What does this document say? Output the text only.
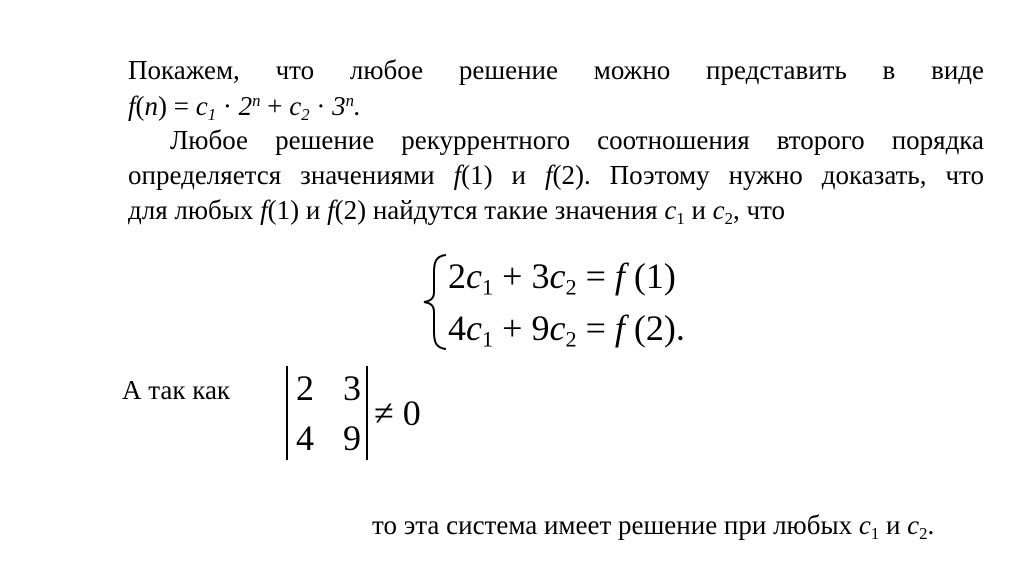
Покажем, что любое решение можно представить в виде
$f(n) = c_1 \cdot 2^n + c_2 \cdot 3^n$.
Любое решение рекуррентного соотношения второго порядка
определяется значениями f(1) и f(2). Поэтому нужно доказать, что
для любых f(1) и f(2) найдутся такие значения $c_1$ и $c_2$, что
$2c_1 + 3c_2 = f$ (1)
$4c_1 + 9c_2 = f$ (2).
А так как 2 3
4 9
≠ 0
то эта система имеет решение при любых $c_1$ и $c_2$.
